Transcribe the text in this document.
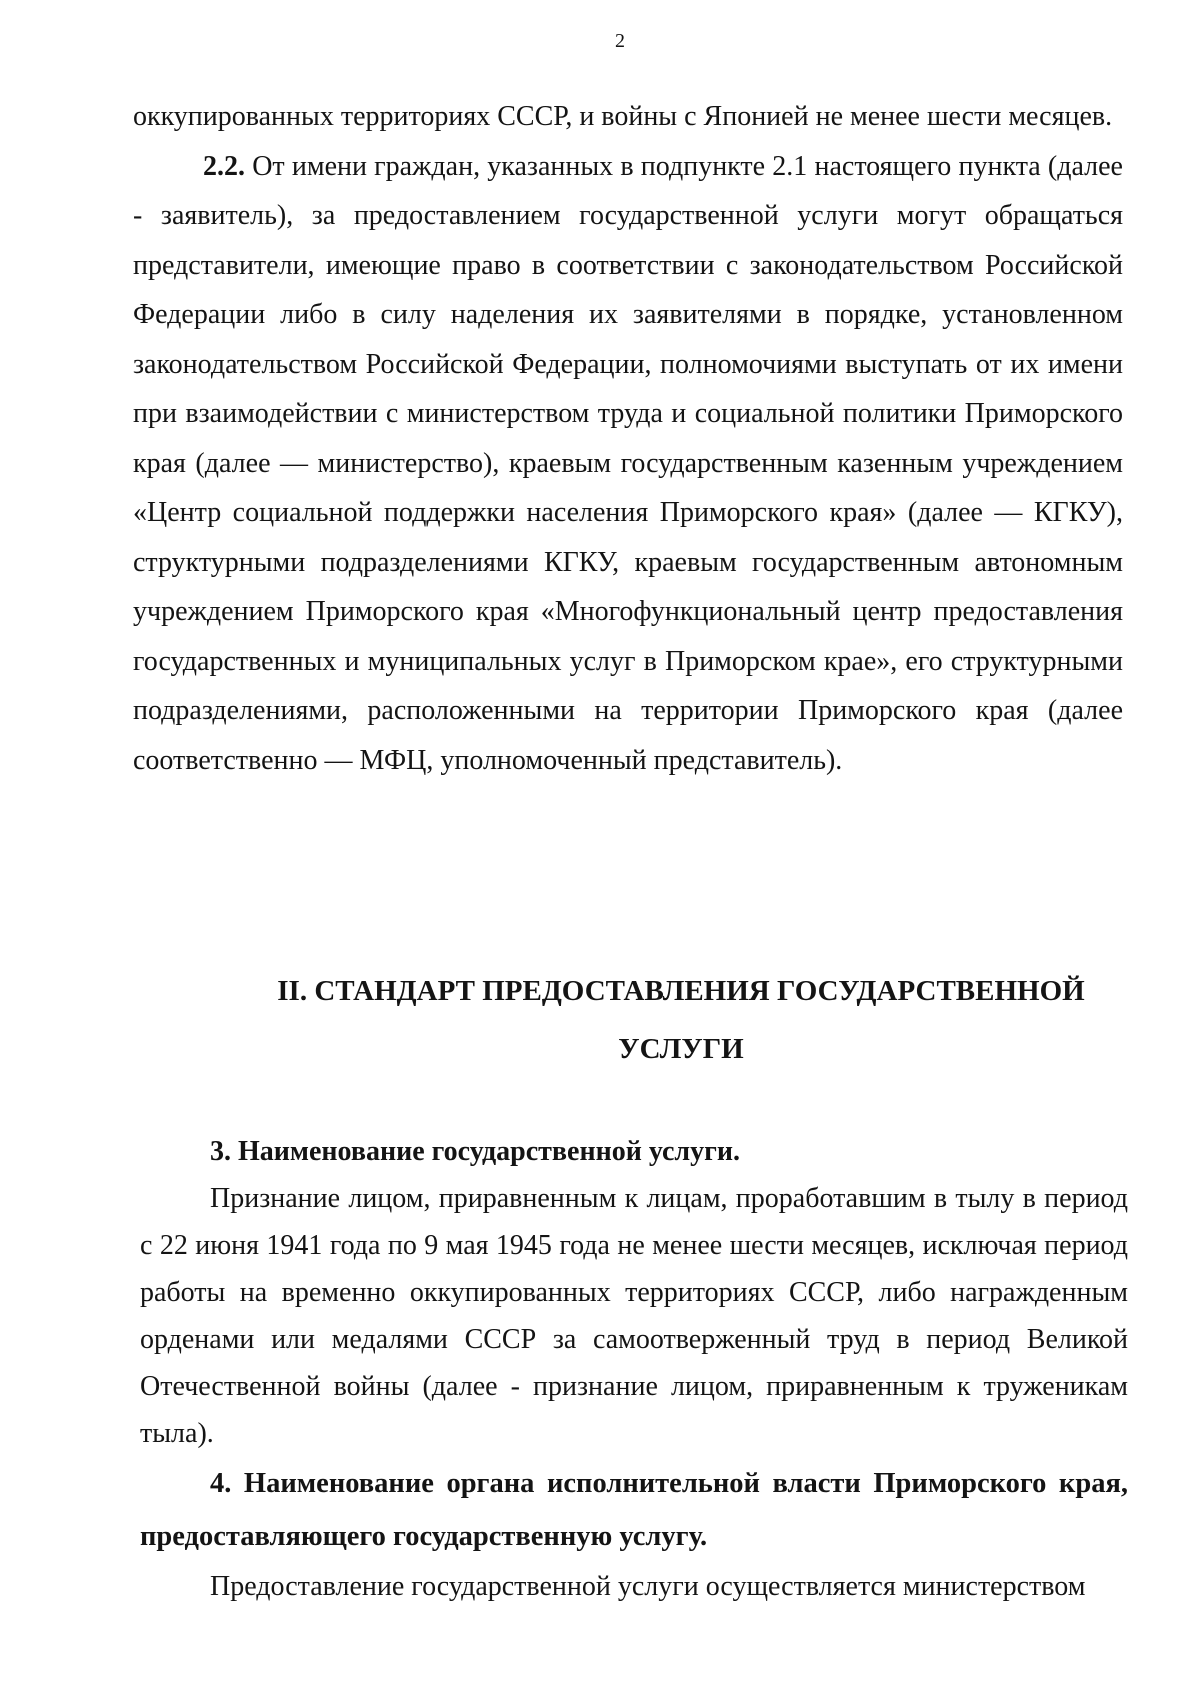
2

оккупированных территориях СССР, и войны с Японией не менее шести месяцев.

2.2. От имени граждан, указанных в подпункте 2.1 настоящего пункта (далее - заявитель), за предоставлением государственной услуги могут обращаться представители, имеющие право в соответствии с законодательством Российской Федерации либо в силу наделения их заявителями в порядке, установленном законодательством Российской Федерации, полномочиями выступать от их имени при взаимодействии с министерством труда и социальной политики Приморского края (далее — министерство), краевым государственным казенным учреждением «Центр социальной поддержки населения Приморского края» (далее — КГКУ), структурными подразделениями КГКУ, краевым государственным автономным учреждением Приморского края «Многофункциональный центр предоставления государственных и муниципальных услуг в Приморском крае», его структурными подразделениями, расположенными на территории Приморского края (далее соответственно — МФЦ, уполномоченный представитель).

II. СТАНДАРТ ПРЕДОСТАВЛЕНИЯ ГОСУДАРСТВЕННОЙ
УСЛУГИ

3. Наименование государственной услуги.

Признание лицом, приравненным к лицам, проработавшим в тылу в период с 22 июня 1941 года по 9 мая 1945 года не менее шести месяцев, исключая период работы на временно оккупированных территориях СССР, либо награжденным орденами или медалями СССР за самоотверженный труд в период Великой Отечественной войны (далее - признание лицом, приравненным к труженикам тыла).

4. Наименование органа исполнительной власти Приморского края, предоставляющего государственную услугу.

Предоставление государственной услуги осуществляется министерством
